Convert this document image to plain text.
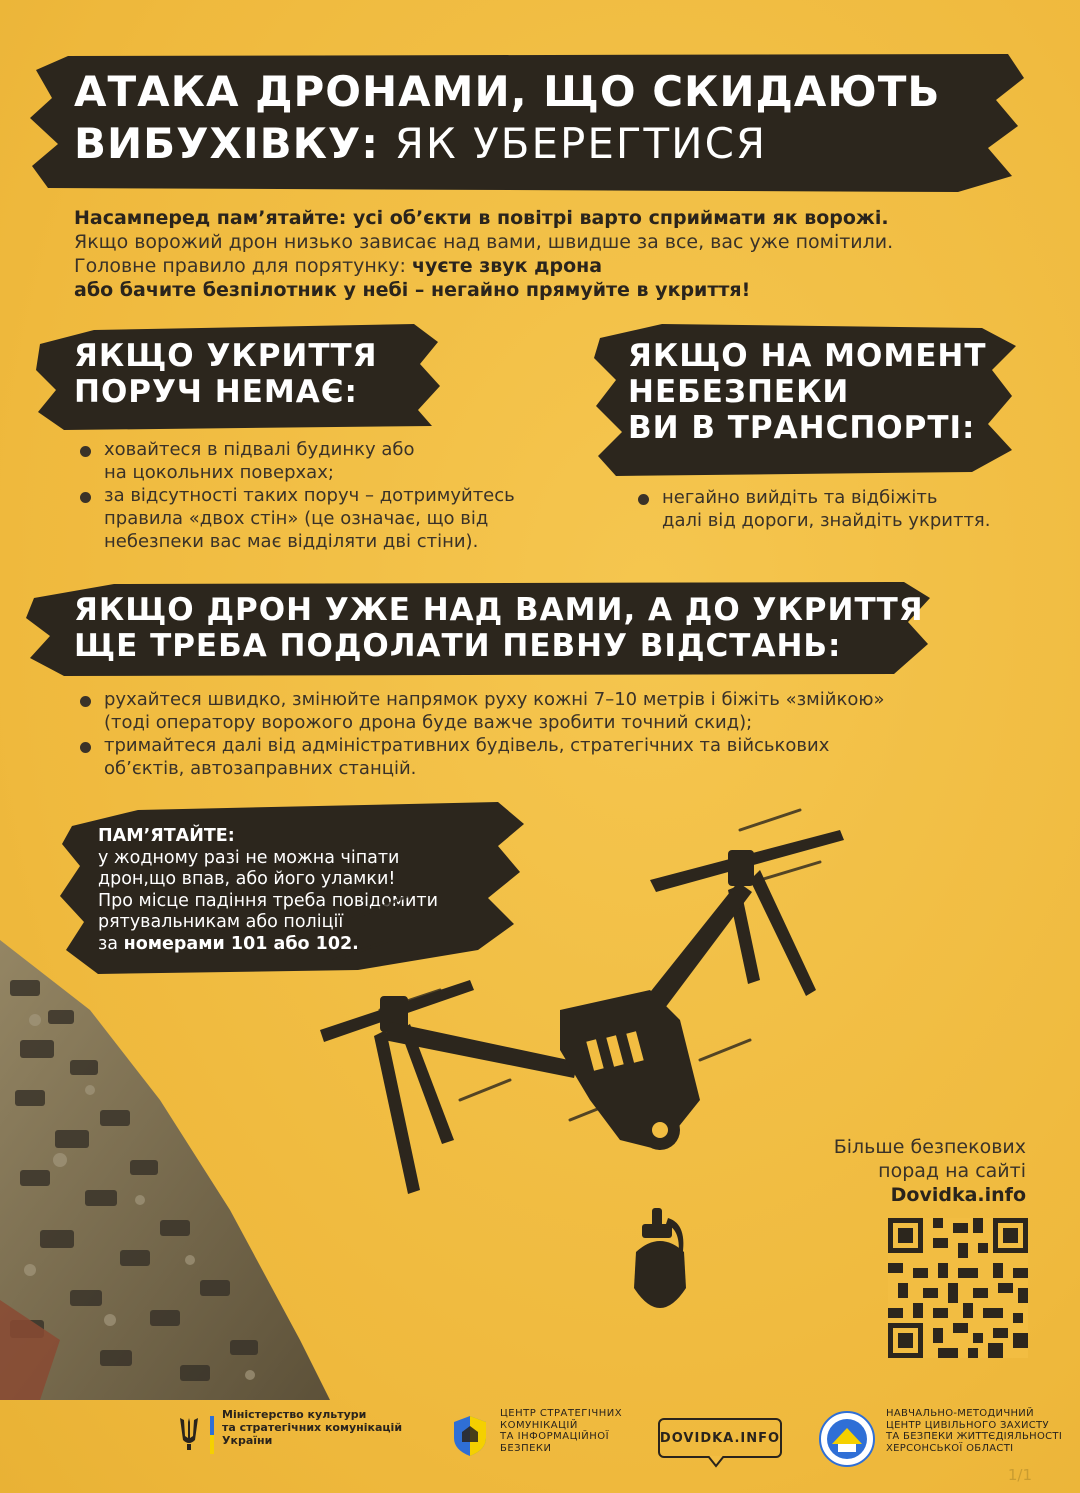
АТАКА ДРОНАМИ, ЩО СКИДАЮТЬ
ВИБУХІВКУ: ЯК УБЕРЕГТИСЯ
Насамперед пам’ятайте: усі об’єкти в повітрі варто сприймати як ворожі.
Якщо ворожий дрон низько зависає над вами, швидше за все, вас уже помітили.
Головне правило для порятунку: чуєте звук дрона
або бачите безпілотник у небі – негайно прямуйте в укриття!
ЯКЩО УКРИТТЯ
ПОРУЧ НЕМАЄ:
ховайтеся в підвалі будинку або
на цокольних поверхах;
за відсутності таких поруч – дотримуйтесь
правила «двох стін» (це означає, що від
небезпеки вас має відділяти дві стіни).
ЯКЩО НА МОМЕНТ
НЕБЕЗПЕКИ
ВИ В ТРАНСПОРТІ:
негайно вийдіть та відбіжіть
далі від дороги, знайдіть укриття.
ЯКЩО ДРОН УЖЕ НАД ВАМИ, А ДО УКРИТТЯ
ЩЕ ТРЕБА ПОДОЛАТИ ПЕВНУ ВІДСТАНЬ:
рухайтеся швидко, змінюйте напрямок руху кожні 7–10 метрів і біжіть «змійкою»
(тоді оператору ворожого дрона буде важче зробити точний скид);
тримайтеся далі від адміністративних будівель, стратегічних та військових
об’єктів, автозаправних станцій.
ПАМ’ЯТАЙТЕ:
у жодному разі не можна чіпати
дрон,що впав, або його уламки!
Про місце падіння треба повідомити
рятувальникам або поліції
за номерами 101 або 102.
Більше безпекових
порад на сайті
Dovidka.info
Міністерство культури
та стратегічних комунікацій
України
ЦЕНТР СТРАТЕГІЧНИХ
КОМУНІКАЦІЙ
ТА ІНФОРМАЦІЙНОЇ
БЕЗПЕКИ
DOVIDKA.INFO
НАВЧАЛЬНО-МЕТОДИЧНИЙ
ЦЕНТР ЦИВІЛЬНОГО ЗАХИСТУ
ТА БЕЗПЕКИ ЖИТТЄДІЯЛЬНОСТІ
ХЕРСОНСЬКОЇ ОБЛАСТІ
1/1
